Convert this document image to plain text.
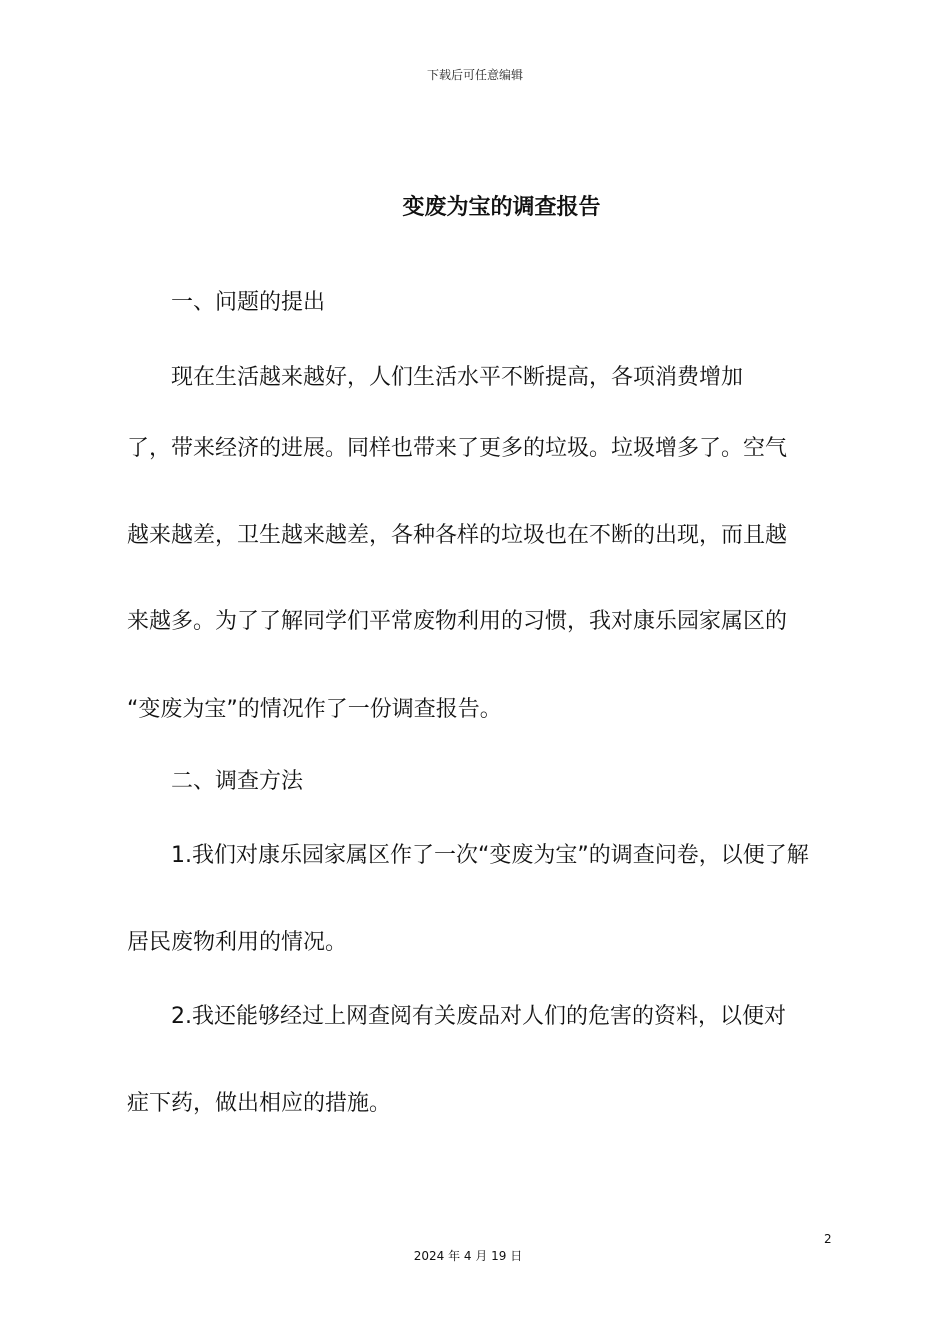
下载后可任意编辑
变废为宝的调查报告

一、问题的提出

现在生活越来越好，人们生活水平不断提高，各项消费增加

了，带来经济的进展。同样也带来了更多的垃圾。垃圾增多了。空气

越来越差，卫生越来越差，各种各样的垃圾也在不断的出现，而且越

来越多。为了了解同学们平常废物利用的习惯，我对康乐园家属区的

“变废为宝”的情况作了一份调查报告。

二、调查方法

1.我们对康乐园家属区作了一次“变废为宝”的调查问卷，以便了解

居民废物利用的情况。

2.我还能够经过上网查阅有关废品对人们的危害的资料，以便对

症下药，做出相应的措施。

2
2024 年 4 月 19 日
